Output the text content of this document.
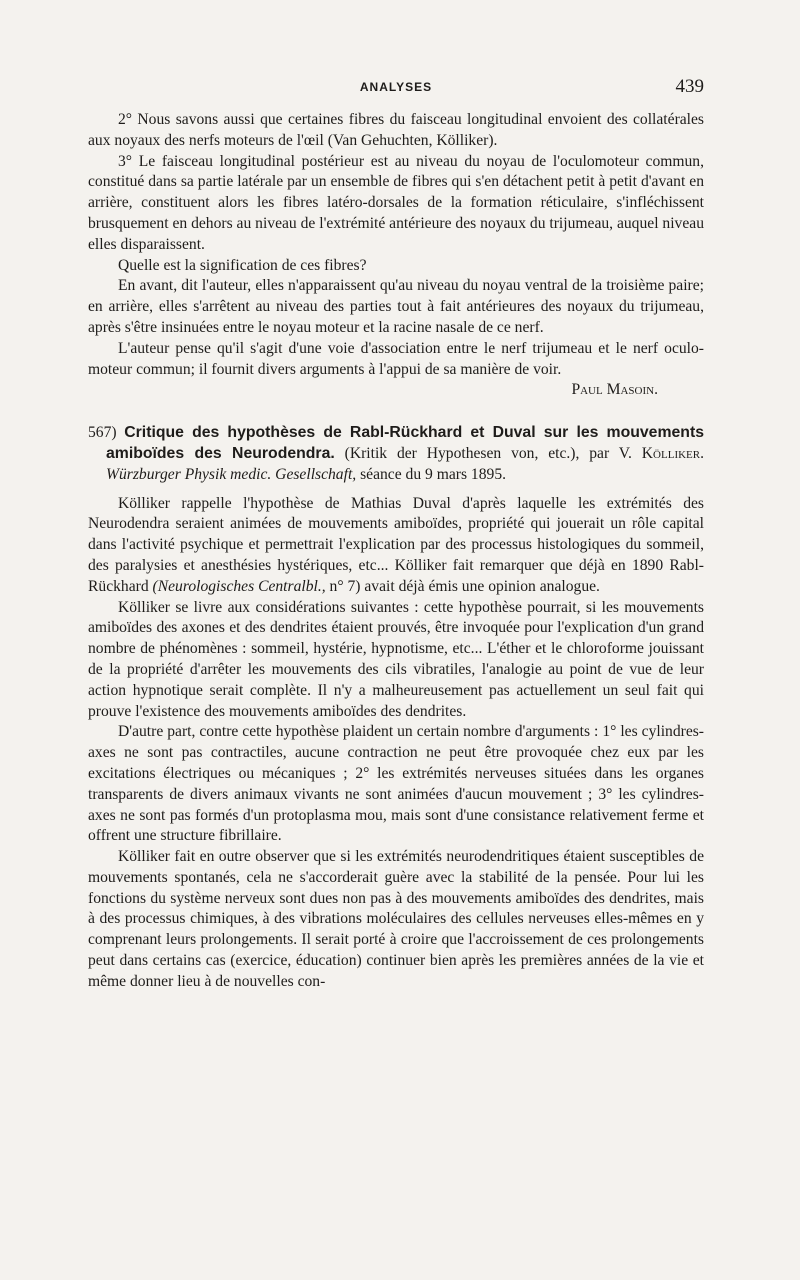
ANALYSES	439

2° Nous savons aussi que certaines fibres du faisceau longitudinal envoient des collatérales aux noyaux des nerfs moteurs de l'œil (Van Gehuchten, Kölliker).

3° Le faisceau longitudinal postérieur est au niveau du noyau de l'oculomoteur commun, constitué dans sa partie latérale par un ensemble de fibres qui s'en détachent petit à petit d'avant en arrière, constituent alors les fibres latéro-dorsales de la formation réticulaire, s'infléchissent brusquement en dehors au niveau de l'extrémité antérieure des noyaux du trijumeau, auquel niveau elles disparaissent.

Quelle est la signification de ces fibres?

En avant, dit l'auteur, elles n'apparaissent qu'au niveau du noyau ventral de la troisième paire; en arrière, elles s'arrêtent au niveau des parties tout à fait antérieures des noyaux du trijumeau, après s'être insinuées entre le noyau moteur et la racine nasale de ce nerf.

L'auteur pense qu'il s'agit d'une voie d'association entre le nerf trijumeau et le nerf oculo-moteur commun; il fournit divers arguments à l'appui de sa manière de voir.

Paul Masoin.

567) Critique des hypothèses de Rabl-Rückhard et Duval sur les mouvements amiboïdes des Neurodendra. (Kritik der Hypothesen von, etc.), par V. Kölliker. Würzburger Physik medic. Gesellschaft, séance du 9 mars 1895.

Kölliker rappelle l'hypothèse de Mathias Duval d'après laquelle les extrémités des Neurodendra seraient animées de mouvements amiboïdes, propriété qui jouerait un rôle capital dans l'activité psychique et permettrait l'explication par des processus histologiques du sommeil, des paralysies et anesthésies hystériques, etc... Kölliker fait remarquer que déjà en 1890 Rabl-Rückhard (Neurologisches Centralbl., n° 7) avait déjà émis une opinion analogue.

Kölliker se livre aux considérations suivantes : cette hypothèse pourrait, si les mouvements amiboïdes des axones et des dendrites étaient prouvés, être invoquée pour l'explication d'un grand nombre de phénomènes : sommeil, hystérie, hypnotisme, etc... L'éther et le chloroforme jouissant de la propriété d'arrêter les mouvements des cils vibratiles, l'analogie au point de vue de leur action hypnotique serait complète. Il n'y a malheureusement pas actuellement un seul fait qui prouve l'existence des mouvements amiboïdes des dendrites.

D'autre part, contre cette hypothèse plaident un certain nombre d'arguments : 1° les cylindres-axes ne sont pas contractiles, aucune contraction ne peut être provoquée chez eux par les excitations électriques ou mécaniques ; 2° les extrémités nerveuses situées dans les organes transparents de divers animaux vivants ne sont animées d'aucun mouvement ; 3° les cylindres-axes ne sont pas formés d'un protoplasma mou, mais sont d'une consistance relativement ferme et offrent une structure fibrillaire.

Kölliker fait en outre observer que si les extrémités neurodendritiques étaient susceptibles de mouvements spontanés, cela ne s'accorderait guère avec la stabilité de la pensée. Pour lui les fonctions du système nerveux sont dues non pas à des mouvements amiboïdes des dendrites, mais à des processus chimiques, à des vibrations moléculaires des cellules nerveuses elles-mêmes en y comprenant leurs prolongements. Il serait porté à croire que l'accroissement de ces prolongements peut dans certains cas (exercice, éducation) continuer bien après les premières années de la vie et même donner lieu à de nouvelles con-
